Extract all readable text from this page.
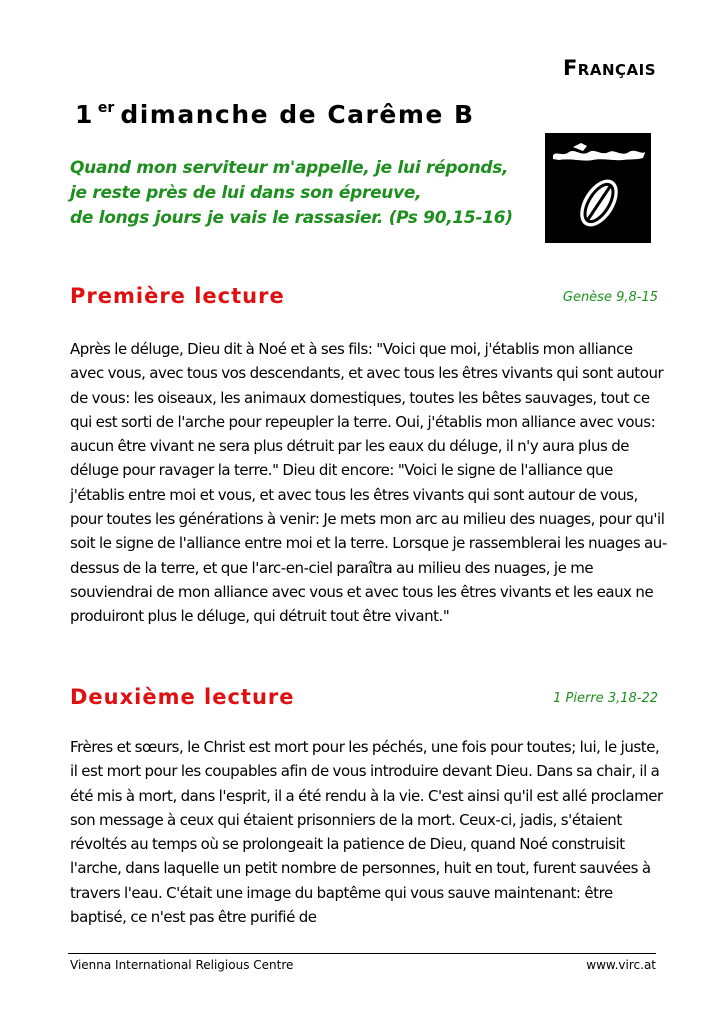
Français
1 $^{er}$ dimanche de Carême B
Quand mon serviteur m'appelle, je lui réponds,
je reste près de lui dans son épreuve,
de longs jours je vais le rassasier. (Ps 90,15-16)
Première lecture	Genèse 9,8-15
Après le déluge, Dieu dit à Noé et à ses fils: "Voici que moi, j'établis mon alliance avec vous, avec tous vos descendants, et avec tous les êtres vivants qui sont autour de vous: les oiseaux, les animaux domestiques, toutes les bêtes sauvages, tout ce qui est sorti de l'arche pour repeupler la terre. Oui, j'établis mon alliance avec vous: aucun être vivant ne sera plus détruit par les eaux du déluge, il n'y aura plus de déluge pour ravager la terre." Dieu dit encore: "Voici le signe de l'alliance que j'établis entre moi et vous, et avec tous les êtres vivants qui sont autour de vous, pour toutes les générations à venir: Je mets mon arc au milieu des nuages, pour qu'il soit le signe de l'alliance entre moi et la terre. Lorsque je rassemblerai les nuages au-dessus de la terre, et que l'arc-en-ciel paraîtra au milieu des nuages, je me souviendrai de mon alliance avec vous et avec tous les êtres vivants et les eaux ne produiront plus le déluge, qui détruit tout être vivant."
Deuxième lecture	1 Pierre 3,18-22
Frères et sœurs, le Christ est mort pour les péchés, une fois pour toutes; lui, le juste, il est mort pour les coupables afin de vous introduire devant Dieu. Dans sa chair, il a été mis à mort, dans l'esprit, il a été rendu à la vie. C'est ainsi qu'il est allé proclamer son message à ceux qui étaient prisonniers de la mort. Ceux-ci, jadis, s'étaient révoltés au temps où se prolongeait la patience de Dieu, quand Noé construisit l'arche, dans laquelle un petit nombre de personnes, huit en tout, furent sauvées à travers l'eau. C'était une image du baptême qui vous sauve maintenant: être baptisé, ce n'est pas être purifié de
Vienna International Religious Centre	www.virc.at
